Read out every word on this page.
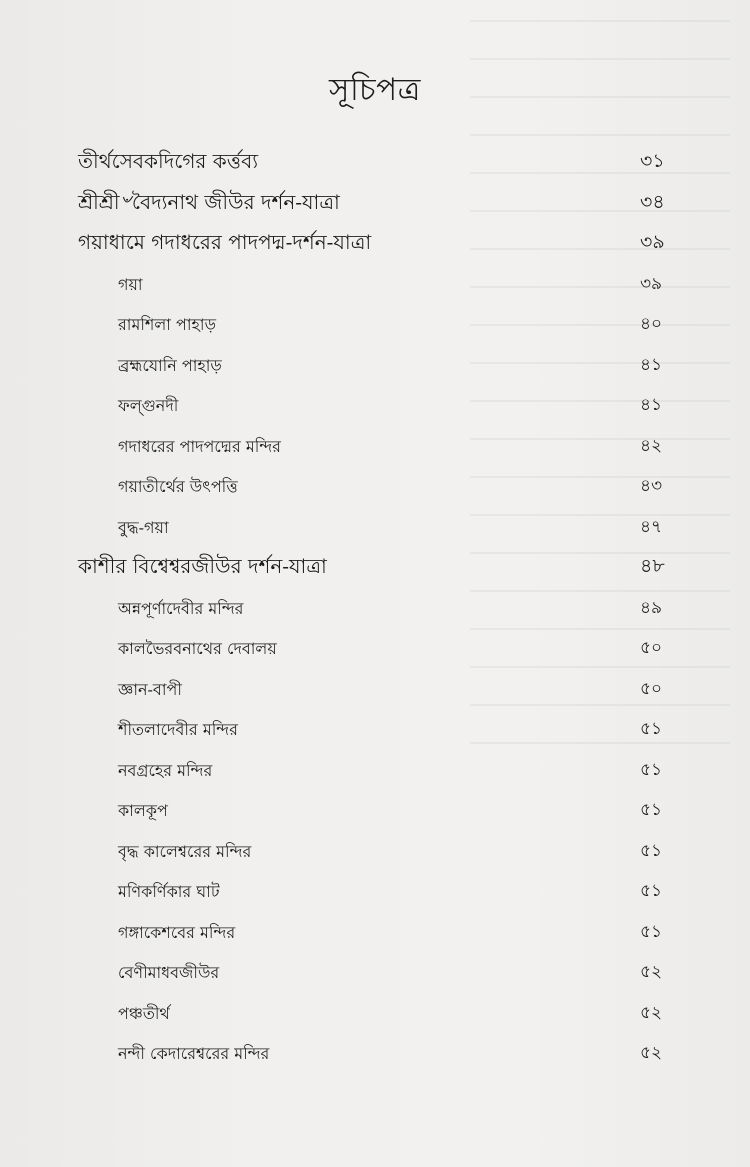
সূচিপত্র
তীর্থসেবকদিগের কর্ত্তব্য	৩১
শ্রীশ্রী৺বৈদ্যনাথ জীউর দর্শন-যাত্রা	৩৪
গয়াধামে গদাধরের পাদপদ্ম-দর্শন-যাত্রা	৩৯
গয়া	৩৯
রামশিলা পাহাড়	৪০
ব্রহ্মযোনি পাহাড়	৪১
ফল্গুনদী	৪১
গদাধরের পাদপদ্মের মন্দির	৪২
গয়াতীর্থের উৎপত্তি	৪৩
বুদ্ধ-গয়া	৪৭
কাশীর বিশ্বেশ্বরজীউর দর্শন-যাত্রা	৪৮
অন্নপূর্ণাদেবীর মন্দির	৪৯
কালভৈরবনাথের দেবালয়	৫০
জ্ঞান-বাপী	৫০
শীতলাদেবীর মন্দির	৫১
নবগ্রহের মন্দির	৫১
কালকূপ	৫১
বৃদ্ধ কালেশ্বরের মন্দির	৫১
মণিকর্ণিকার ঘাট	৫১
গঙ্গাকেশবের মন্দির	৫১
বেণীমাধবজীউর	৫২
পঞ্চতীর্থ	৫২
নন্দী কেদারেশ্বরের মন্দির	৫২
